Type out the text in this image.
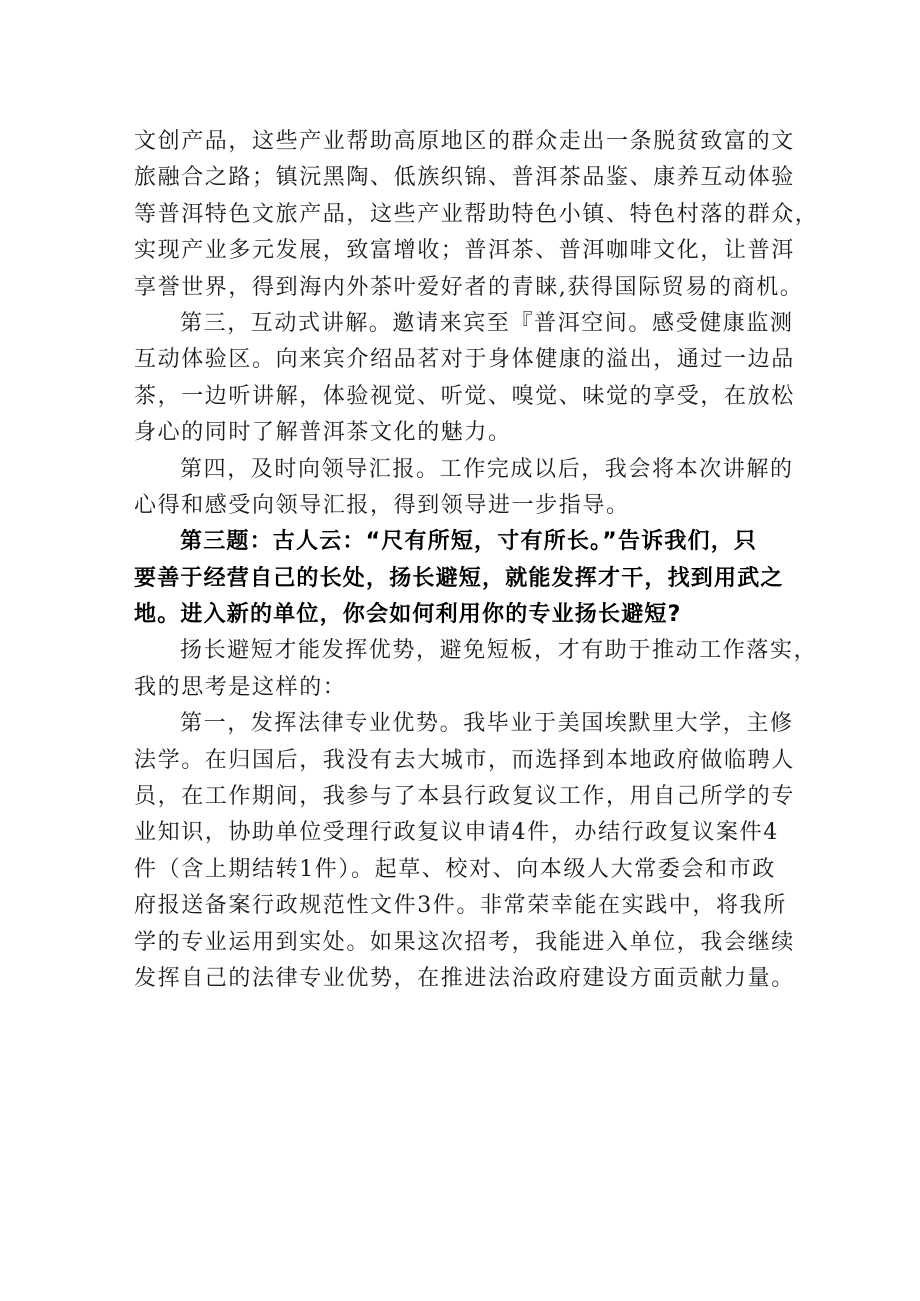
文创产品，这些产业帮助高原地区的群众走出一条脱贫致富的文
旅融合之路；镇沅黑陶、低族织锦、普洱茶品鉴、康养互动体验
等普洱特色文旅产品，这些产业帮助特色小镇、特色村落的群众，
实现产业多元发展，致富增收；普洱茶、普洱咖啡文化，让普洱
享誉世界，得到海内外茶叶爱好者的青睐,获得国际贸易的商机。
第三，互动式讲解。邀请来宾至『普洱空间。感受健康监测
互动体验区。向来宾介绍品茗对于身体健康的溢出，通过一边品
茶，一边听讲解，体验视觉、听觉、嗅觉、味觉的享受，在放松
身心的同时了解普洱茶文化的魅力。
第四，及时向领导汇报。工作完成以后，我会将本次讲解的
心得和感受向领导汇报，得到领导进一步指导。
第三题：古人云：“尺有所短，寸有所长。”告诉我们，只
要善于经营自己的长处，扬长避短，就能发挥才干，找到用武之
地。进入新的单位，你会如何利用你的专业扬长避短?
扬长避短才能发挥优势，避免短板，才有助于推动工作落实，
我的思考是这样的：
第一，发挥法律专业优势。我毕业于美国埃默里大学，主修
法学。在归国后，我没有去大城市，而选择到本地政府做临聘人
员，在工作期间，我参与了本县行政复议工作，用自己所学的专
业知识，协助单位受理行政复议申请4件，办结行政复议案件4
件（含上期结转1件）。起草、校对、向本级人大常委会和市政
府报送备案行政规范性文件3件。非常荣幸能在实践中，将我所
学的专业运用到实处。如果这次招考，我能进入单位，我会继续
发挥自己的法律专业优势，在推进法治政府建设方面贡献力量。
